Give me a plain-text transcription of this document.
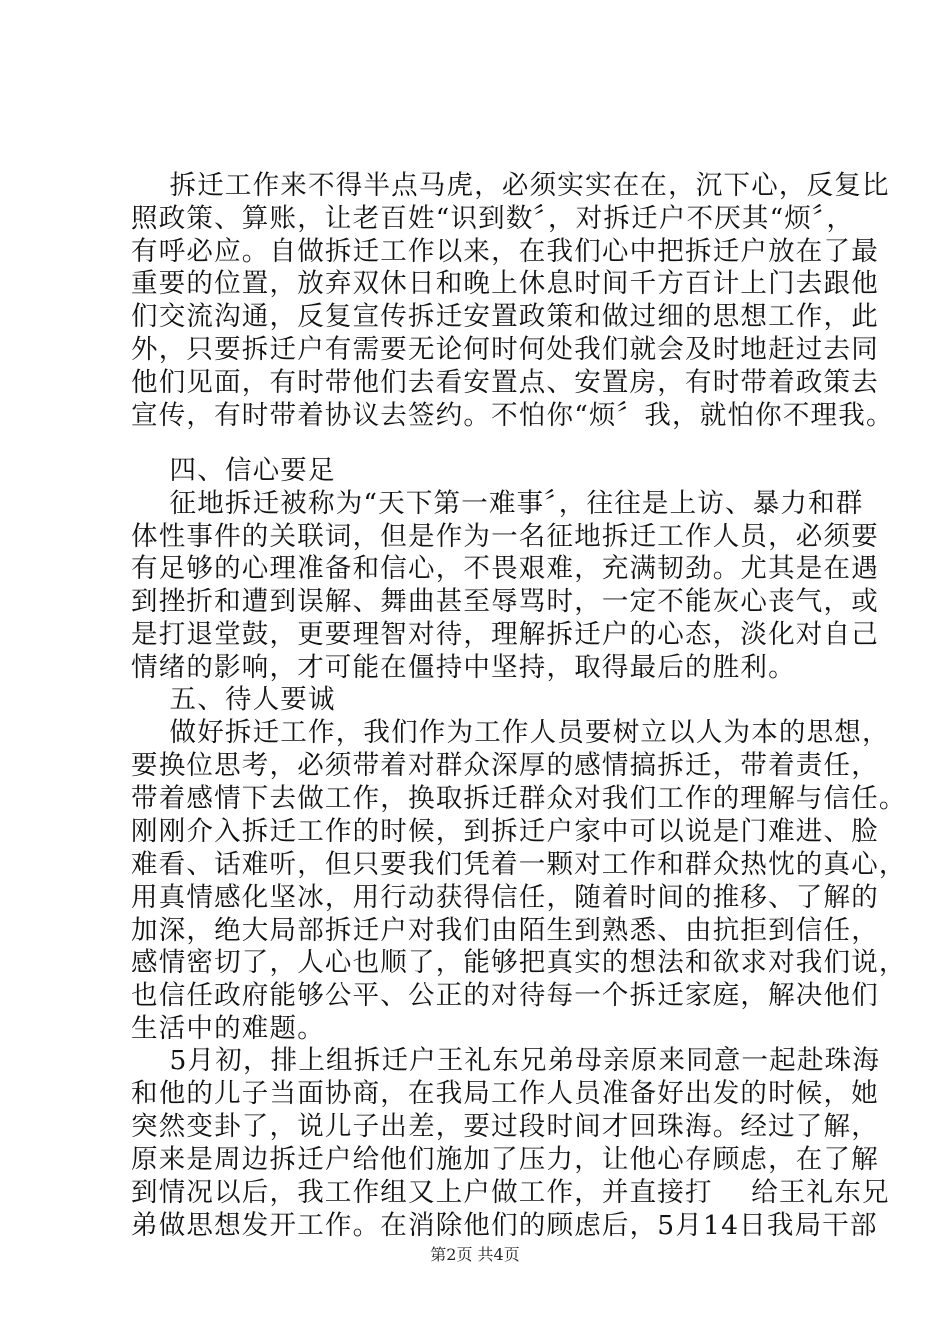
拆迁工作来不得半点马虎，必须实实在在，沉下心，反复比
照政策、算账，让老百姓“识到数〞，对拆迁户不厌其“烦〞，
有呼必应。自做拆迁工作以来，在我们心中把拆迁户放在了最
重要的位置，放弃双休日和晚上休息时间千方百计上门去跟他
们交流沟通，反复宣传拆迁安置政策和做过细的思想工作，此
外，只要拆迁户有需要无论何时何处我们就会及时地赶过去同
他们见面，有时带他们去看安置点、安置房，有时带着政策去
宣传，有时带着协议去签约。不怕你“烦〞我，就怕你不理我。
四、信心要足
征地拆迁被称为“天下第一难事〞，往往是上访、暴力和群
体性事件的关联词，但是作为一名征地拆迁工作人员，必须要
有足够的心理准备和信心，不畏艰难，充满韧劲。尤其是在遇
到挫折和遭到误解、舞曲甚至辱骂时，一定不能灰心丧气，或
是打退堂鼓，更要理智对待，理解拆迁户的心态，淡化对自己
情绪的影响，才可能在僵持中坚持，取得最后的胜利。
五、待人要诚
做好拆迁工作，我们作为工作人员要树立以人为本的思想，
要换位思考，必须带着对群众深厚的感情搞拆迁，带着责任，
带着感情下去做工作，换取拆迁群众对我们工作的理解与信任。
刚刚介入拆迁工作的时候，到拆迁户家中可以说是门难进、脸
难看、话难听，但只要我们凭着一颗对工作和群众热忱的真心，
用真情感化坚冰，用行动获得信任，随着时间的推移、了解的
加深，绝大局部拆迁户对我们由陌生到熟悉、由抗拒到信任，
感情密切了，人心也顺了，能够把真实的想法和欲求对我们说，
也信任政府能够公平、公正的对待每一个拆迁家庭，解决他们
生活中的难题。
5月初，排上组拆迁户王礼东兄弟母亲原来同意一起赴珠海
和他的儿子当面协商，在我局工作人员准备好出发的时候，她
突然变卦了，说儿子出差，要过段时间才回珠海。经过了解，
原来是周边拆迁户给他们施加了压力，让他心存顾虑，在了解
到情况以后，我工作组又上户做工作，并直接打    给王礼东兄
弟做思想发开工作。在消除他们的顾虑后，5月14日我局干部
第2页 共4页
